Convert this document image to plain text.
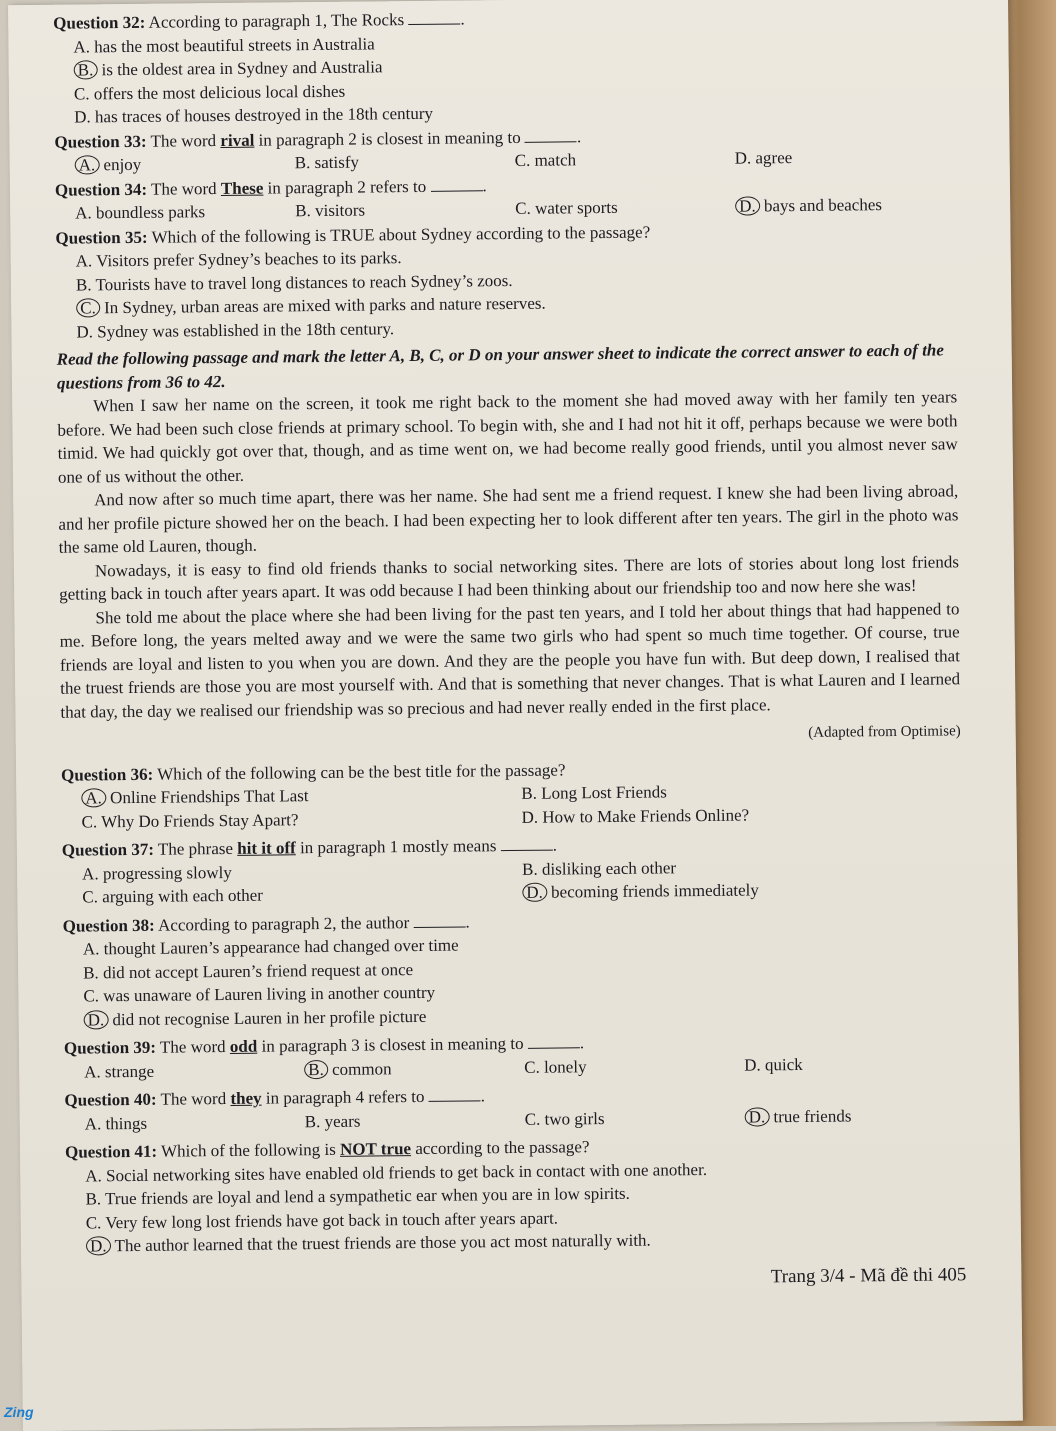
Question 32: According to paragraph 1, The Rocks	.
A. has the most beautiful streets in Australia
B. is the oldest area in Sydney and Australia
C. offers the most delicious local dishes
D. has traces of houses destroyed in the 18th century
Question 33: The word rival in paragraph 2 is closest in meaning to	.
A. enjoy	B. satisfy	C. match	D. agree
Question 34: The word These in paragraph 2 refers to	.
A. boundless parks	B. visitors	C. water sports	D. bays and beaches
Question 35: Which of the following is TRUE about Sydney according to the passage?
A. Visitors prefer Sydney’s beaches to its parks.
B. Tourists have to travel long distances to reach Sydney’s zoos.
C. In Sydney, urban areas are mixed with parks and nature reserves.
D. Sydney was established in the 18th century.
Read the following passage and mark the letter A, B, C, or D on your answer sheet to indicate the correct answer to each of the questions from 36 to 42.

When I saw her name on the screen, it took me right back to the moment she had moved away with her family ten years before. We had been such close friends at primary school. To begin with, she and I had not hit it off, perhaps because we were both timid. We had quickly got over that, though, and as time went on, we had become really good friends, until you almost never saw one of us without the other.

And now after so much time apart, there was her name. She had sent me a friend request. I knew she had been living abroad, and her profile picture showed her on the beach. I had been expecting her to look different after ten years. The girl in the photo was the same old Lauren, though.

Nowadays, it is easy to find old friends thanks to social networking sites. There are lots of stories about long lost friends getting back in touch after years apart. It was odd because I had been thinking about our friendship too and now here she was!

She told me about the place where she had been living for the past ten years, and I told her about things that had happened to me. Before long, the years melted away and we were the same two girls who had spent so much time together. Of course, true friends are loyal and listen to you when you are down. And they are the people you have fun with. But deep down, I realised that the truest friends are those you are most yourself with. And that is something that never changes. That is what Lauren and I learned that day, the day we realised our friendship was so precious and had never really ended in the first place.

(Adapted from Optimise)
Question 36: Which of the following can be the best title for the passage?
A. Online Friendships That Last	B. Long Lost Friends
C. Why Do Friends Stay Apart?	D. How to Make Friends Online?
Question 37: The phrase hit it off in paragraph 1 mostly means	.
A. progressing slowly	B. disliking each other
C. arguing with each other	D. becoming friends immediately
Question 38: According to paragraph 2, the author	.
A. thought Lauren’s appearance had changed over time
B. did not accept Lauren’s friend request at once
C. was unaware of Lauren living in another country
D. did not recognise Lauren in her profile picture
Question 39: The word odd in paragraph 3 is closest in meaning to	.
A. strange	B. common	C. lonely	D. quick
Question 40: The word they in paragraph 4 refers to	.
A. things	B. years	C. two girls	D. true friends
Question 41: Which of the following is NOT true according to the passage?
A. Social networking sites have enabled old friends to get back in contact with one another.
B. True friends are loyal and lend a sympathetic ear when you are in low spirits.
C. Very few long lost friends have got back in touch after years apart.
D. The author learned that the truest friends are those you act most naturally with.
Trang 3/4 - Mã đề thi 405
Zing
